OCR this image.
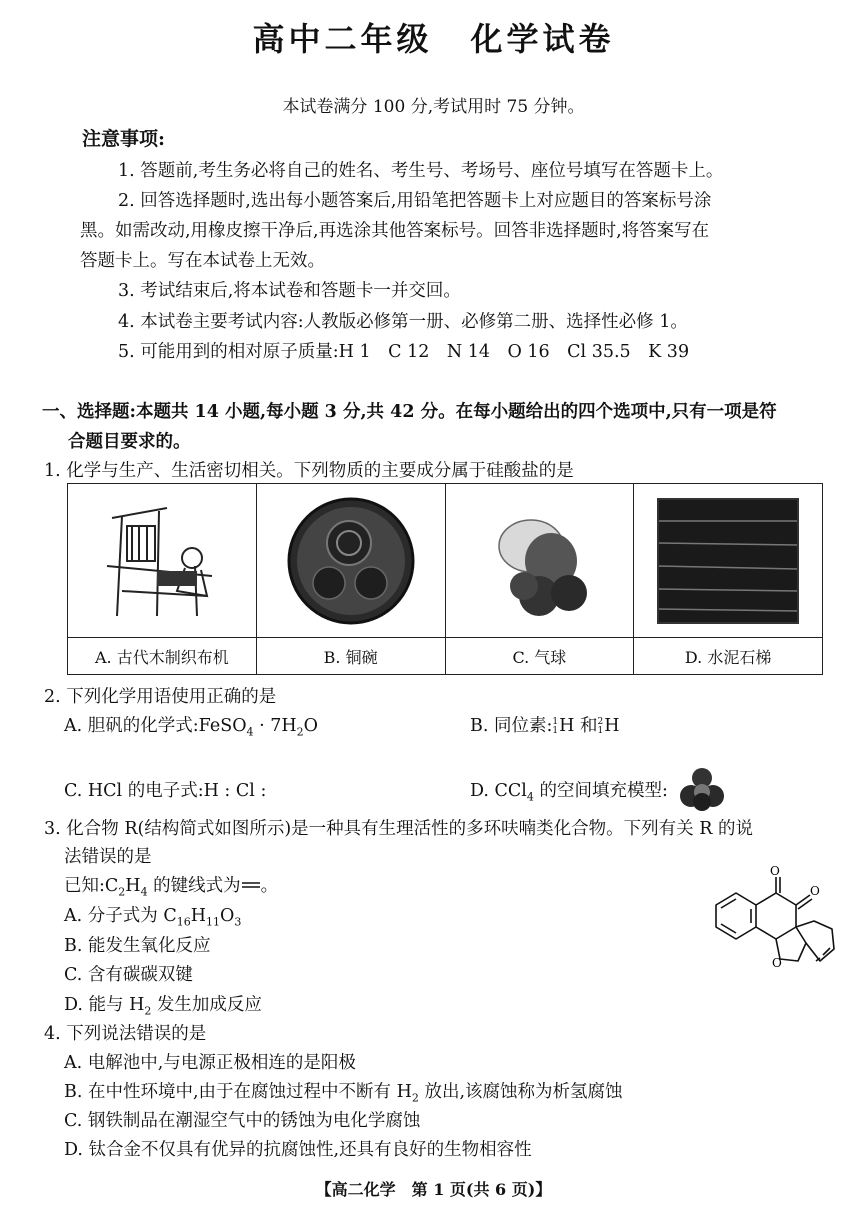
高中二年级 化学试卷
本试卷满分 100 分,考试用时 75 分钟。
注意事项:
1. 答题前,考生务必将自己的姓名、考生号、考场号、座位号填写在答题卡上。
2. 回答选择题时,选出每小题答案后,用铅笔把答题卡上对应题目的答案标号涂
黑。如需改动,用橡皮擦干净后,再选涂其他答案标号。回答非选择题时,将答案写在
答题卡上。写在本试卷上无效。
3. 考试结束后,将本试卷和答题卡一并交回。
4. 本试卷主要考试内容:人教版必修第一册、必修第二册、选择性必修 1。
5. 可能用到的相对原子质量:H 1　C 12　N 14　O 16　Cl 35.5　K 39
一、选择题:本题共 14 小题,每小题 3 分,共 42 分。在每小题给出的四个选项中,只有一项是符
合题目要求的。
1. 化学与生产、生活密切相关。下列物质的主要成分属于硅酸盐的是
A. 古代木制织布机	B. 铜碗	C. 气球	D. 水泥石梯
2. 下列化学用语使用正确的是
A. 胆矾的化学式:FeSO$_4$ · $7H_2O$	B. 同位素: 1
1 H 和 2
1 H
C. HCl 的电子式:H : Cl :	D. CCl$_4$ 的空间填充模型:
3. 化合物 R(结构简式如图所示)是一种具有生理活性的多环呋喃类化合物。下列有关 R 的说
法错误的是
已知$:C_2H_4$ 的键线式为 。
A. 分子式为 $C_{16}H_{11}O_3$
B. 能发生氧化反应
C. 含有碳碳双键
D. 能与 $H_2$ 发生加成反应
O
O
O
4. 下列说法错误的是
A. 电解池中,与电源正极相连的是阳极
B. 在中性环境中,由于在腐蚀过程中不断有 $H_2$ 放出,该腐蚀称为析氢腐蚀
C. 钢铁制品在潮湿空气中的锈蚀为电化学腐蚀
D. 钛合金不仅具有优异的抗腐蚀性,还具有良好的生物相容性
【高二化学　第 1 页(共 6 页)】
